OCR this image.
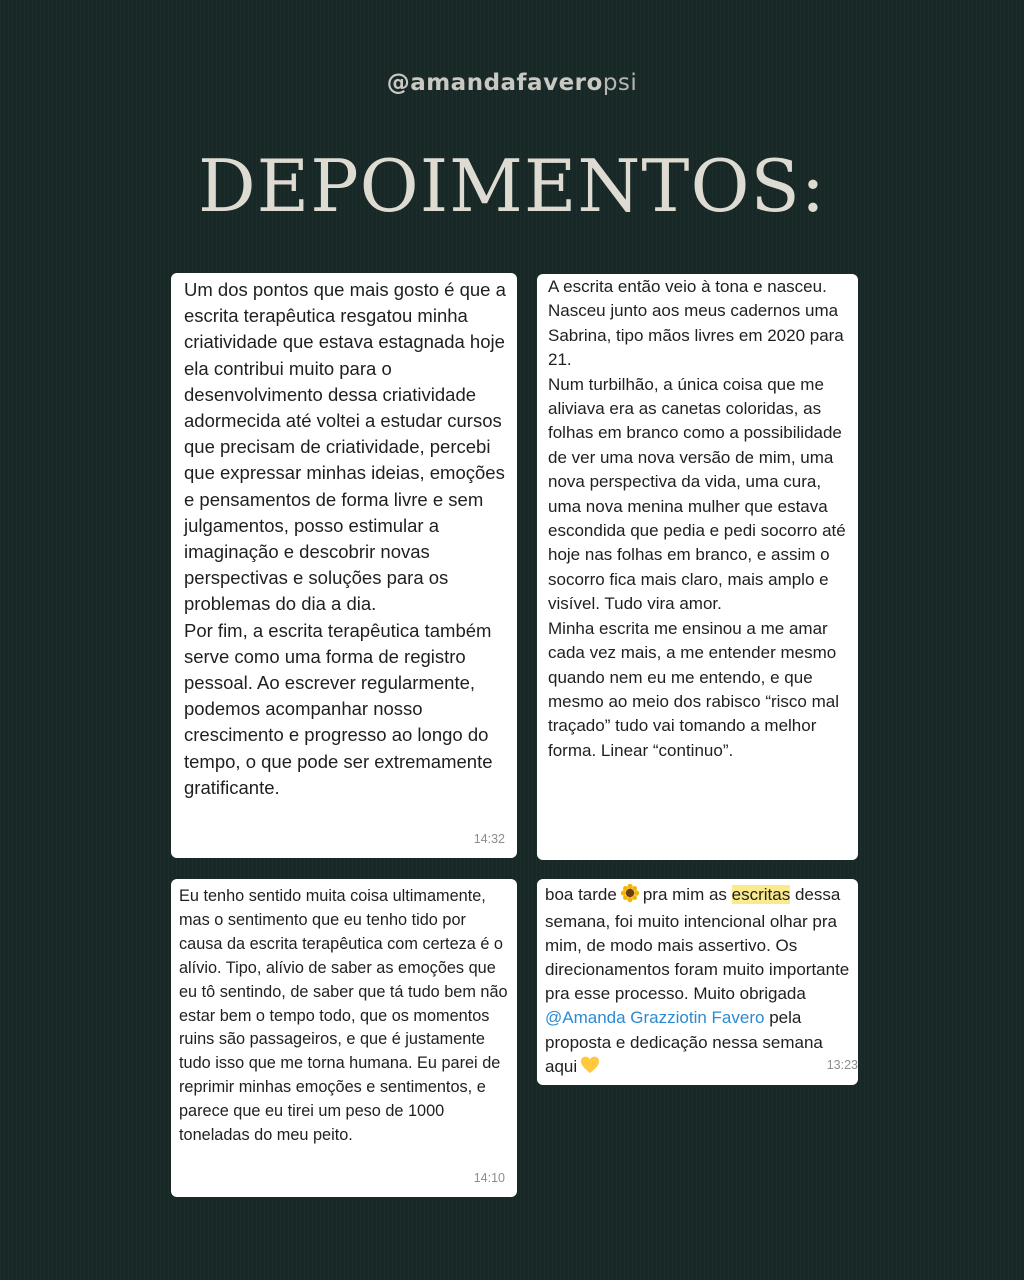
@amandafaveropsi
DEPOIMENTOS:

Um dos pontos que mais gosto é que a escrita terapêutica resgatou minha criatividade que estava estagnada hoje ela contribui muito para o desenvolvimento dessa criatividade adormecida até voltei a estudar cursos que precisam de criatividade, percebi que expressar minhas ideias, emoções e pensamentos de forma livre e sem julgamentos, posso estimular a imaginação e descobrir novas perspectivas e soluções para os problemas do dia a dia.

Por fim, a escrita terapêutica também serve como uma forma de registro pessoal. Ao escrever regularmente, podemos acompanhar nosso crescimento e progresso ao longo do tempo, o que pode ser extremamente gratificante.

14:32

A escrita então veio à tona e nasceu.

Nasceu junto aos meus cadernos uma Sabrina, tipo mãos livres em 2020 para 21.

Num turbilhão, a única coisa que me aliviava era as canetas coloridas, as folhas em branco como a possibilidade de ver uma nova versão de mim, uma nova perspectiva da vida, uma cura, uma nova menina mulher que estava escondida que pedia e pedi socorro até hoje nas folhas em branco, e assim o socorro fica mais claro, mais amplo e visível. Tudo vira amor.

Minha escrita me ensinou a me amar cada vez mais, a me entender mesmo quando nem eu me entendo, e que mesmo ao meio dos rabisco “risco mal traçado” tudo vai tomando a melhor forma. Linear “continuo”.

Eu tenho sentido muita coisa ultimamente, mas o sentimento que eu tenho tido por causa da escrita terapêutica com certeza é o alívio. Tipo, alívio de saber as emoções que eu tô sentindo, de saber que tá tudo bem não estar bem o tempo todo, que os momentos ruins são passageiros, e que é justamente tudo isso que me torna humana. Eu parei de reprimir minhas emoções e sentimentos, e parece que eu tirei um peso de 1000 toneladas do meu peito.

14:10

boa tarde pra mim as escritas dessa semana, foi muito intencional olhar pra mim, de modo mais assertivo. Os direcionamentos foram muito importante pra esse processo. Muito obrigada @Amanda Grazziotin Favero pela proposta e dedicação nessa semana aqui	13:23
